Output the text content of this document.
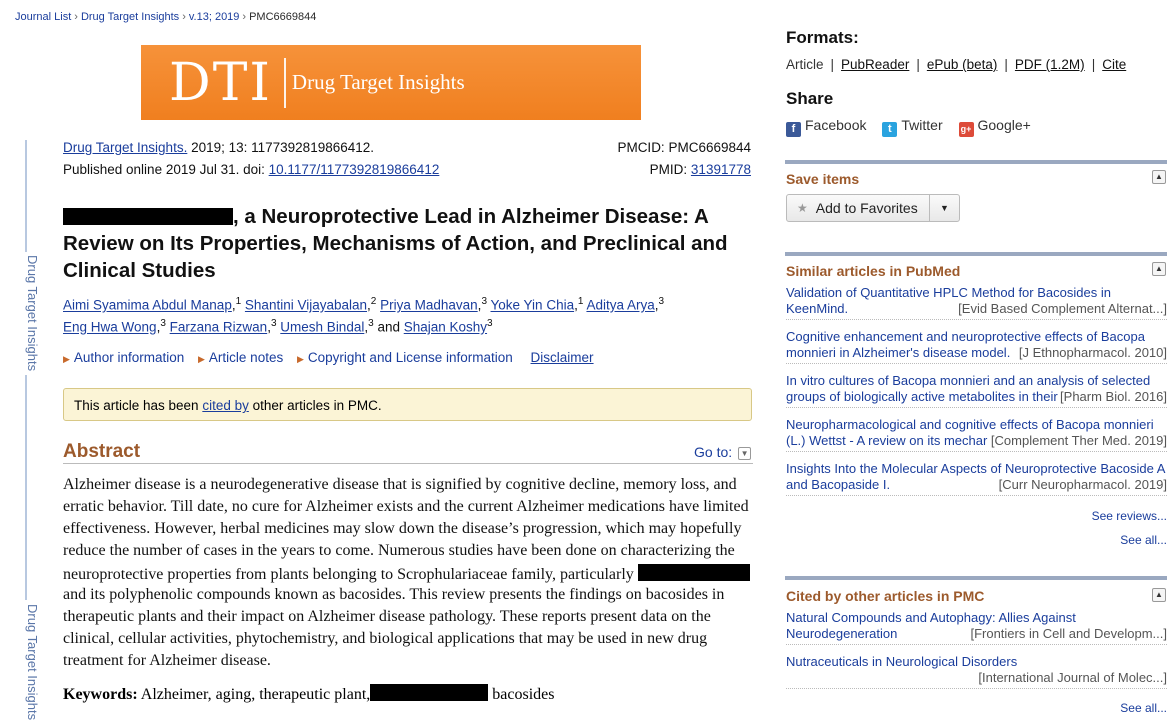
Journal List › Drug Target Insights › v.13; 2019 › PMC6669844
Drug Target Insights
Drug Target Insights
DTI Drug Target Insights
Drug Target Insights. 2019; 13: 1177392819866412.
Published online 2019 Jul 31. doi: 10.1177/1177392819866412
PMCID: PMC6669844
PMID: 31391778
, a Neuroprotective Lead in Alzheimer Disease: A
Review on Its Properties, Mechanisms of Action, and Preclinical and
Clinical Studies
Aimi Syamima Abdul Manap,$^1$ Shantini Vijayabalan,$^2$ Priya Madhavan,$^3$ Yoke Yin Chia,$^1$ Aditya Arya,$^3$
Eng Hwa Wong,$^3$ Farzana Rizwan,$^3$ Umesh Bindal,$^3$ and Shajan Koshy$^3$
▶ Author information ▶ Article notes ▶ Copyright and License information Disclaimer
This article has been cited by other articles in PMC.
Abstract	Go to: ▼
Alzheimer disease is a neurodegenerative disease that is signified by cognitive decline, memory loss, and
erratic behavior. Till date, no cure for Alzheimer exists and the current Alzheimer medications have limited
effectiveness. However, herbal medicines may slow down the disease’s progression, which may hopefully
reduce the number of cases in the years to come. Numerous studies have been done on characterizing the
neuroprotective properties from plants belonging to Scrophulariaceae family, particularly
and its polyphenolic compounds known as bacosides. This review presents the findings on bacosides in
therapeutic plants and their impact on Alzheimer disease pathology. These reports present data on the
clinical, cellular activities, phytochemistry, and biological applications that may be used in new drug
treatment for Alzheimer disease.
Keywords: Alzheimer, aging, therapeutic plant,	bacosides
Formats:
Article | PubReader | ePub (beta) | PDF (1.2M) | Cite
Share
f Facebook t Twitter g+ Google+
Save items	▲
★ Add to Favorites	▼
Similar articles in PubMed	▲
Validation of Quantitative HPLC Method for Bacosides in
KeenMind.	[Evid Based Complement Alternat...]
Cognitive enhancement and neuroprotective effects of Bacopa
monnieri in Alzheimer's disease model. [J Ethnopharmacol. 2010]
In vitro cultures of Bacopa monnieri and an analysis of selected
groups of biologically active metabolites in their [Pharm Biol. 2016]
Neuropharmacological and cognitive effects of Bacopa monnieri
(L.) Wettst - A review on its mechar [Complement Ther Med. 2019]
Insights Into the Molecular Aspects of Neuroprotective Bacoside A
and Bacopaside I.	[Curr Neuropharmacol. 2019]
See reviews...
See all...
Cited by other articles in PMC	▲
Natural Compounds and Autophagy: Allies Against
Neurodegeneration	[Frontiers in Cell and Developm...]
Nutraceuticals in Neurological Disorders
[International Journal of Molec...]
See all...
